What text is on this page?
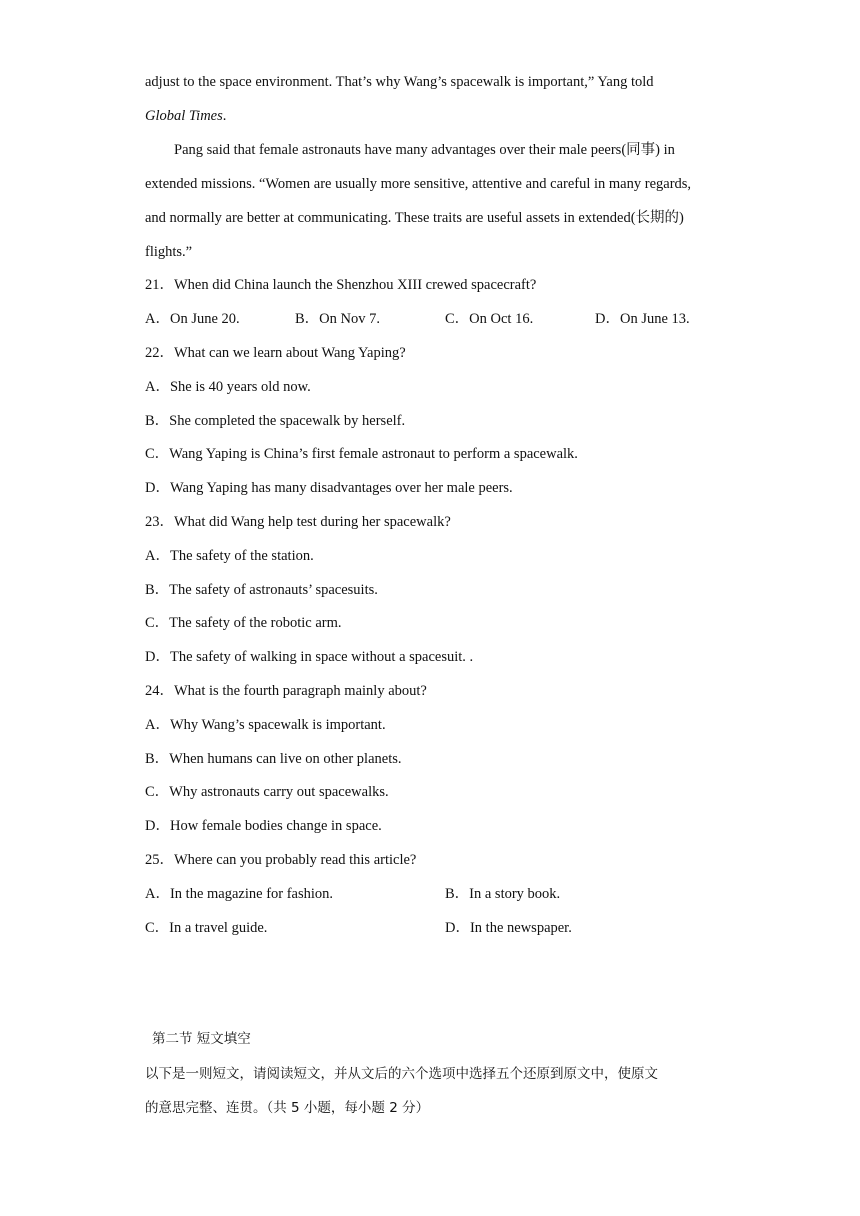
adjust to the space environment. That’s why Wang’s spacewalk is important,” Yang told
Global Times.
Pang said that female astronauts have many advantages over their male peers(同事) in
extended missions. “Women are usually more sensitive, attentive and careful in many regards,
and normally are better at communicating. These traits are useful assets in extended(长期的)
flights.”
21．When did China launch the Shenzhou XIII crewed spacecraft?
A．On June 20.	B．On Nov 7.	C．On Oct 16.	D．On June 13.
22．What can we learn about Wang Yaping?
A．She is 40 years old now.
B．She completed the spacewalk by herself.
C．Wang Yaping is China’s first female astronaut to perform a spacewalk.
D．Wang Yaping has many disadvantages over her male peers.
23．What did Wang help test during her spacewalk?
A．The safety of the station.
B．The safety of astronauts’ spacesuits.
C．The safety of the robotic arm.
D．The safety of walking in space without a spacesuit. .
24．What is the fourth paragraph mainly about?
A．Why Wang’s spacewalk is important.
B．When humans can live on other planets.
C．Why astronauts carry out spacewalks.
D．How female bodies change in space.
25．Where can you probably read this article?
A．In the magazine for fashion.	B．In a story book.
C．In a travel guide.	D．In the newspaper.
第二节 短文填空
以下是一则短文，请阅读短文，并从文后的六个选项中选择五个还原到原文中，使原文
的意思完整、连贯。（共 5 小题，每小题 2 分）
